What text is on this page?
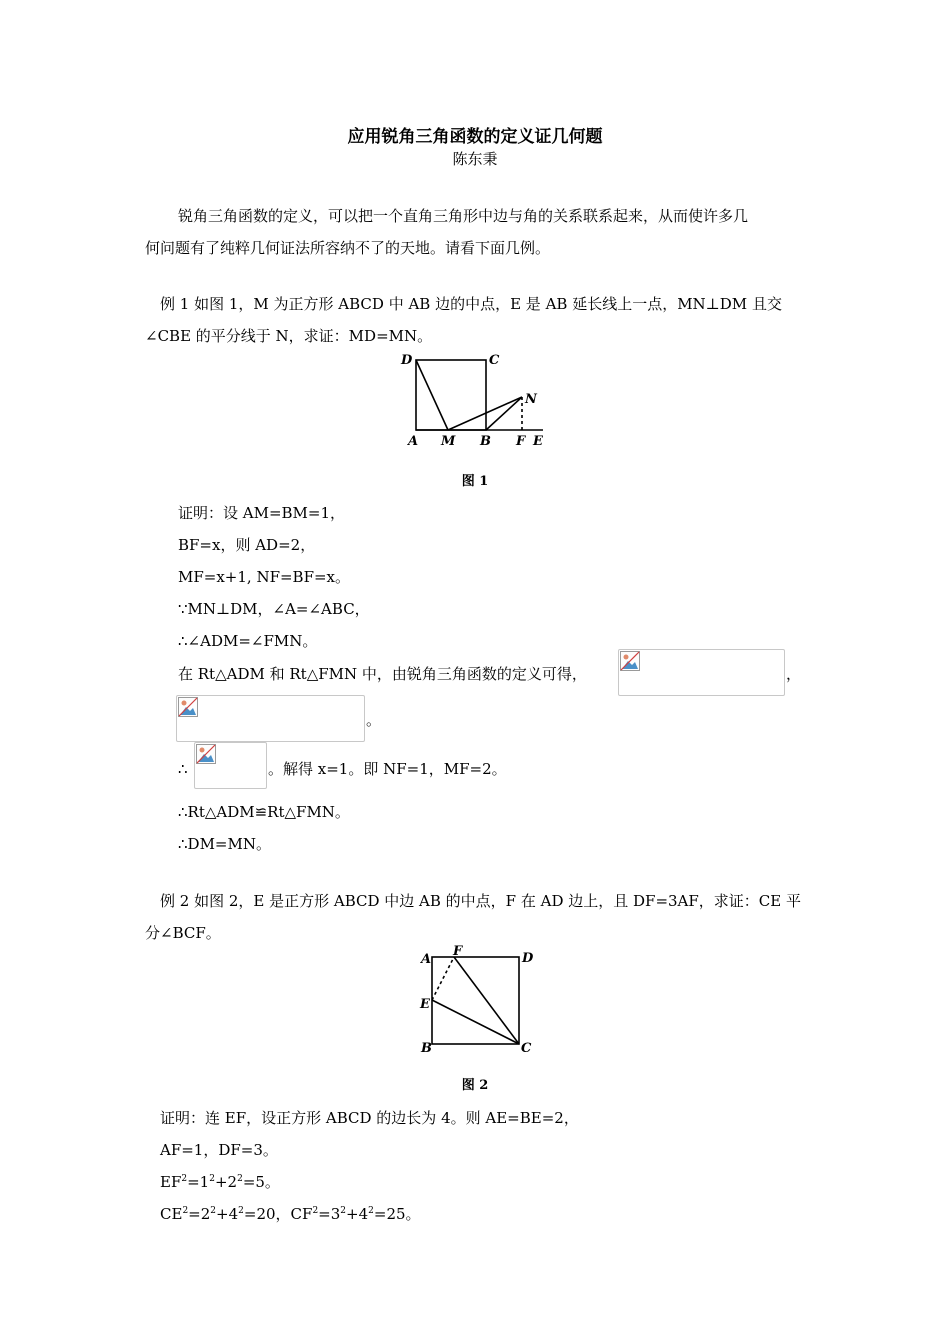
应用锐角三角函数的定义证几何题
陈东秉
锐角三角函数的定义，可以把一个直角三角形中边与角的关系联系起来，从而使许多几
何问题有了纯粹几何证法所容纳不了的天地。请看下面几例。
例 1 如图 1，M 为正方形 ABCD 中 AB 边的中点，E 是 AB 延长线上一点，MN⊥DM 且交
∠CBE 的平分线于 N，求证：MD=MN。
D	C
N
A M B F E
图 1
证明：设 AM=BM=1，
BF=x，则 AD=2，
MF=x+1, NF=BF=x。
∵MN⊥DM，∠A=∠ABC，
∴∠ADM=∠FMN。
在 Rt△ADM 和 Rt△FMN 中，由锐角三角函数的定义可得，	，
。
∴	。解得 x=1。即 NF=1，MF=2。
∴Rt△ADM≌Rt△FMN。
∴DM=MN。
例 2 如图 2，E 是正方形 ABCD 中边 AB 的中点，F 在 AD 边上，且 DF=3AF，求证：CE 平
分∠BCF。
A
F	D
E
B	C
图 2
证明：连 EF，设正方形 ABCD 的边长为 4。则 AE=BE=2，
AF=1，DF=3。
$EF^2=1^2+2^2=5$。
$CE^2=2^2+4^2=20$，$CF^2=3^2+4^2=25$。
